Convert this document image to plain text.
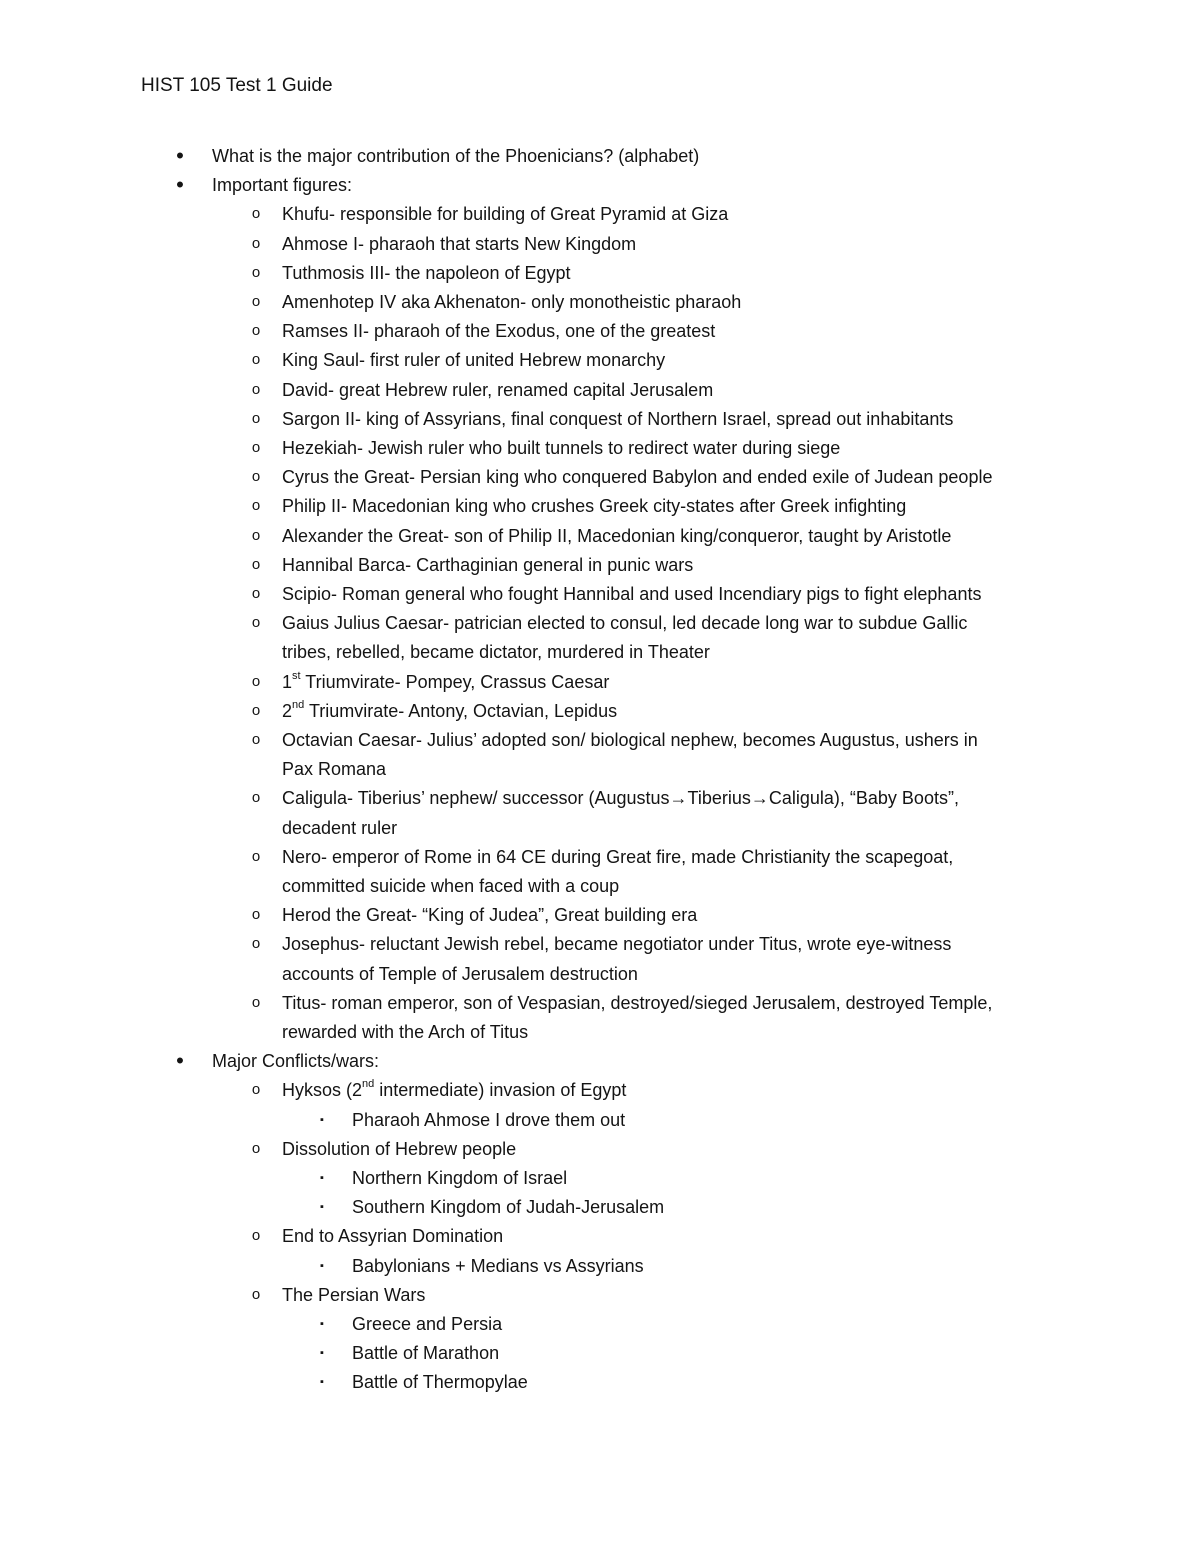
HIST 105 Test 1 Guide
•	What is the major contribution of the Phoenicians? (alphabet)
•	Important figures:
o	Khufu- responsible for building of Great Pyramid at Giza
o	Ahmose I- pharaoh that starts New Kingdom
o	Tuthmosis III- the napoleon of Egypt
o	Amenhotep IV aka Akhenaton- only monotheistic pharaoh
o	Ramses II- pharaoh of the Exodus, one of the greatest
o	King Saul- first ruler of united Hebrew monarchy
o	David- great Hebrew ruler, renamed capital Jerusalem
o	Sargon II- king of Assyrians, final conquest of Northern Israel, spread out inhabitants
o	Hezekiah- Jewish ruler who built tunnels to redirect water during siege
o	Cyrus the Great- Persian king who conquered Babylon and ended exile of Judean people
o	Philip II- Macedonian king who crushes Greek city-states after Greek infighting
o	Alexander the Great- son of Philip II, Macedonian king/conqueror, taught by Aristotle
o	Hannibal Barca- Carthaginian general in punic wars
o	Scipio- Roman general who fought Hannibal and used Incendiary pigs to fight elephants
o	Gaius Julius Caesar- patrician elected to consul, led decade long war to subdue Gallic
tribes, rebelled, became dictator, murdered in Theater
o	1st Triumvirate- Pompey, Crassus Caesar
o	2nd Triumvirate- Antony, Octavian, Lepidus
o	Octavian Caesar- Julius’ adopted son/ biological nephew, becomes Augustus, ushers in
Pax Romana
o	Caligula- Tiberius’ nephew/ successor (Augustus→Tiberius→Caligula), “Baby Boots”,
decadent ruler
o	Nero- emperor of Rome in 64 CE during Great fire, made Christianity the scapegoat,
committed suicide when faced with a coup
o	Herod the Great- “King of Judea”, Great building era
o	Josephus- reluctant Jewish rebel, became negotiator under Titus, wrote eye-witness
accounts of Temple of Jerusalem destruction
o	Titus- roman emperor, son of Vespasian, destroyed/sieged Jerusalem, destroyed Temple,
rewarded with the Arch of Titus
•	Major Conflicts/wars:
o	Hyksos (2nd intermediate) invasion of Egypt
▪	Pharaoh Ahmose I drove them out
o	Dissolution of Hebrew people
▪	Northern Kingdom of Israel
▪	Southern Kingdom of Judah-Jerusalem
o	End to Assyrian Domination
▪	Babylonians + Medians vs Assyrians
o	The Persian Wars
▪	Greece and Persia
▪	Battle of Marathon
▪	Battle of Thermopylae
